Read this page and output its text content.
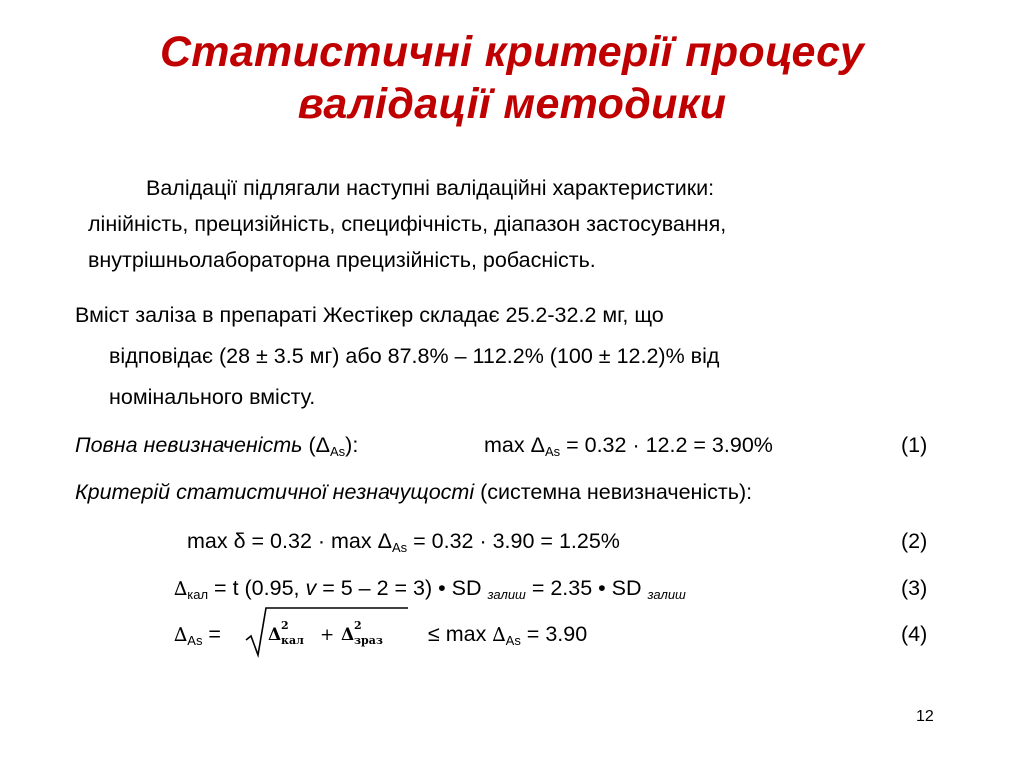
Статистичні критерії процесу
валідації методики
Валідації підлягали наступні валідаційні характеристики:
лінійність, прецизійність, специфічність, діапазон застосування,
внутрішньолабораторна прецизійність, робасність.
Вміст заліза в препараті Жестікер складає 25.2-32.2 мг, що
відповідає (28 ± 3.5 мг) або 87.8% – 112.2% (100 ± 12.2)% від
номінального вмісту.
Повна невизначеність $(\Delta_{As})$:	$\max \Delta_{As} = 0.32 \cdot 12.2 = 3.90\%$	(1)
Критерій статистичної незначущості (системна невизначеність):
$\max \delta = 0.32 \cdot \max \Delta_{As} = 0.32 \cdot 3.90 = 1.25\%$	(2)
$\Delta_{кал} = t$ (0.95, v = 5 – 2 = 3) • SD $_{залиш}$ = 2.35 • SD $_{залиш}$	(3)
$\Delta_{As}$ =	Δ 2
кал + Δ 2
зраз ≤ $\max \Delta_{As} = 3.90$	(4)
12
